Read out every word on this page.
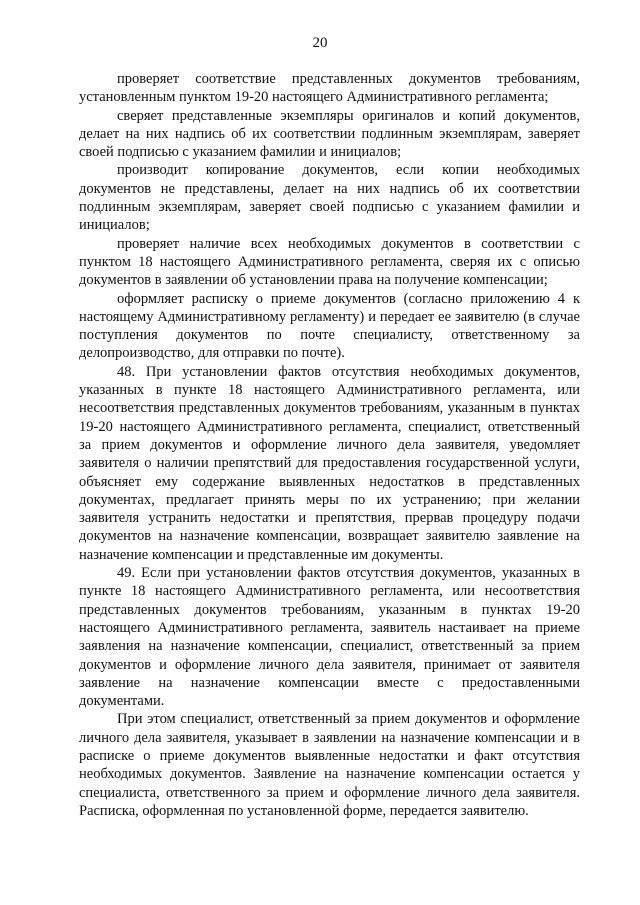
20

проверяет соответствие представленных документов требованиям, установленным пунктом 19-20 настоящего Административного регламента;

сверяет представленные экземпляры оригиналов и копий документов, делает на них надпись об их соответствии подлинным экземплярам, заверяет своей подписью с указанием фамилии и инициалов;

производит копирование документов, если копии необходимых документов не представлены, делает на них надпись об их соответствии подлинным экземплярам, заверяет своей подписью с указанием фамилии и инициалов;

проверяет наличие всех необходимых документов в соответствии с пунктом 18 настоящего Административного регламента, сверяя их с описью документов в заявлении об установлении права на получение компенсации;

оформляет расписку о приеме документов (согласно приложению 4 к настоящему Административному регламенту) и передает ее заявителю (в случае поступления документов по почте специалисту, ответственному за делопроизводство, для отправки по почте).

48. При установлении фактов отсутствия необходимых документов, указанных в пункте 18 настоящего Административного регламента, или несоответствия представленных документов требованиям, указанным в пунктах 19-20 настоящего Административного регламента, специалист, ответственный за прием документов и оформление личного дела заявителя, уведомляет заявителя о наличии препятствий для предоставления государственной услуги, объясняет ему содержание выявленных недостатков в представленных документах, предлагает принять меры по их устранению; при желании заявителя устранить недостатки и препятствия, прервав процедуру подачи документов на назначение компенсации, возвращает заявителю заявление на назначение компенсации и представленные им документы.

49. Если при установлении фактов отсутствия документов, указанных в пункте 18 настоящего Административного регламента, или несоответствия представленных документов требованиям, указанным в пунктах 19-20 настоящего Административного регламента, заявитель настаивает на приеме заявления на назначение компенсации, специалист, ответственный за прием документов и оформление личного дела заявителя, принимает от заявителя заявление на назначение компенсации вместе с предоставленными документами.

При этом специалист, ответственный за прием документов и оформление личного дела заявителя, указывает в заявлении на назначение компенсации и в расписке о приеме документов выявленные недостатки и факт отсутствия необходимых документов. Заявление на назначение компенсации остается у специалиста, ответственного за прием и оформление личного дела заявителя. Расписка, оформленная по установленной форме, передается заявителю.
